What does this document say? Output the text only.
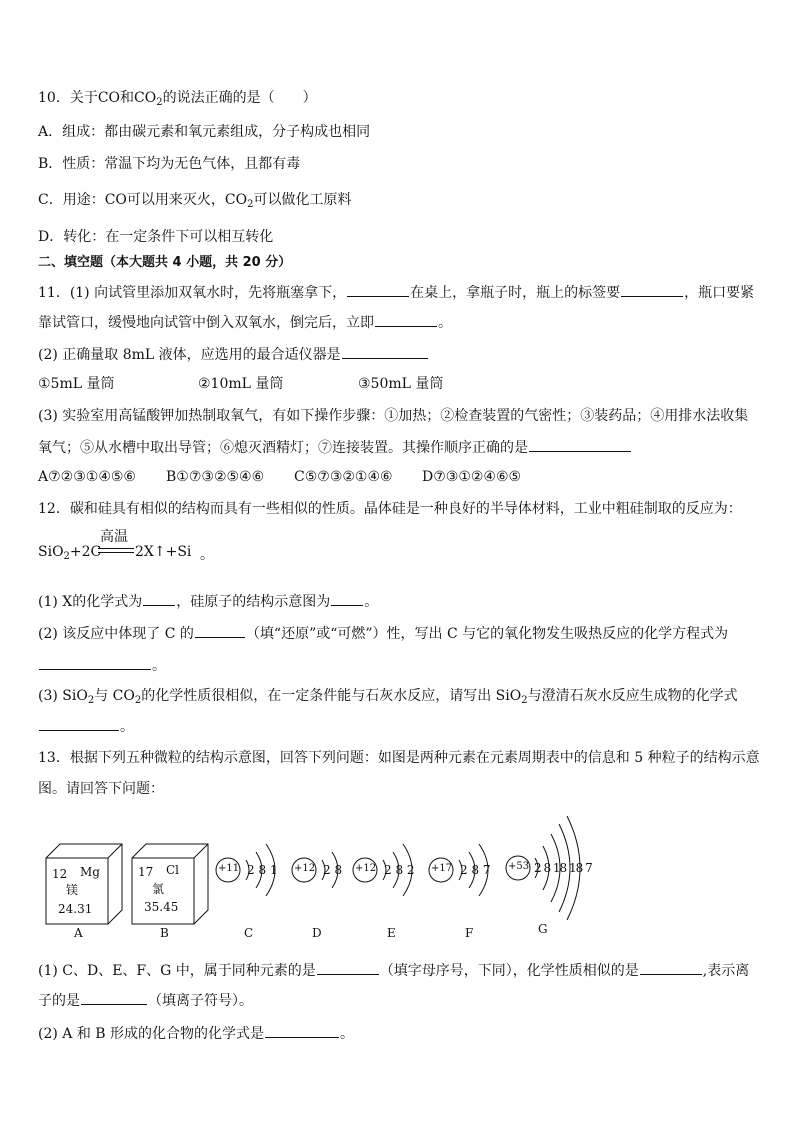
10．关于CO和$CO_2$的说法正确的是（　　）
A．组成：都由碳元素和氧元素组成，分子构成也相同
B．性质：常温下均为无色气体，且都有毒
C．用途：CO可以用来灭火，$CO_2$可以做化工原料
D．转化：在一定条件下可以相互转化
二、填空题（本大题共 4 小题，共 20 分）
11．(1) 向试管里添加双氧水时，先将瓶塞拿下，	在桌上，拿瓶子时，瓶上的标签要	，瓶口要紧
靠试管口，缓慢地向试管中倒入双氧水，倒完后，立即	。
(2) 正确量取 8mL 液体，应选用的最合适仪器是
①5mL 量筒	②10mL 量筒	③50mL 量筒
(3) 实验室用高锰酸钾加热制取氧气，有如下操作步骤：①加热；②检查装置的气密性；③装药品；④用排水法收集
氧气；⑤从水槽中取出导管；⑥熄灭酒精灯；⑦连接装置。其操作顺序正确的是
A⑦②③①④⑤⑥ B①⑦③②⑤④⑥ C⑤⑦③②①④⑥ D⑦③①②④⑥⑤
12．碳和硅具有相似的结构而具有一些相似的性质。晶体硅是一种良好的半导体材料，工业中粗硅制取的反应为：
SiO$_2$+2C
高温
2X↑+Si 。
(1) X的化学式为 ，硅原子的结构示意图为 。
(2) 该反应中体现了 C 的	（填“还原”或“可燃”）性，写出 C 与它的氧化物发生吸热反应的化学方程式为
。
(3) SiO$_2$与 $CO_2$的化学性质很相似，在一定条件能与石灰水反应，请写出 SiO$_2$与澄清石灰水反应生成物的化学式
。
13．根据下列五种微粒的结构示意图，回答下列问题：如图是两种元素在元素周期表中的信息和 5 种粒子的结构示意
图。请回答下问题：
12 Mg
镁
24.31
A
17 Cl
氯
35.45
B
+11 2 8 1
C
+12 2 8
D
+12 2 8 2
E
+17 2 8 7
F
+53 2 8 18 18 7
G
(1) C、D、E、F、G 中，属于同种元素的是	（填字母序号，下同），化学性质相似的是	,表示离
子的是	（填离子符号）。
(2) A 和 B 形成的化合物的化学式是	。
